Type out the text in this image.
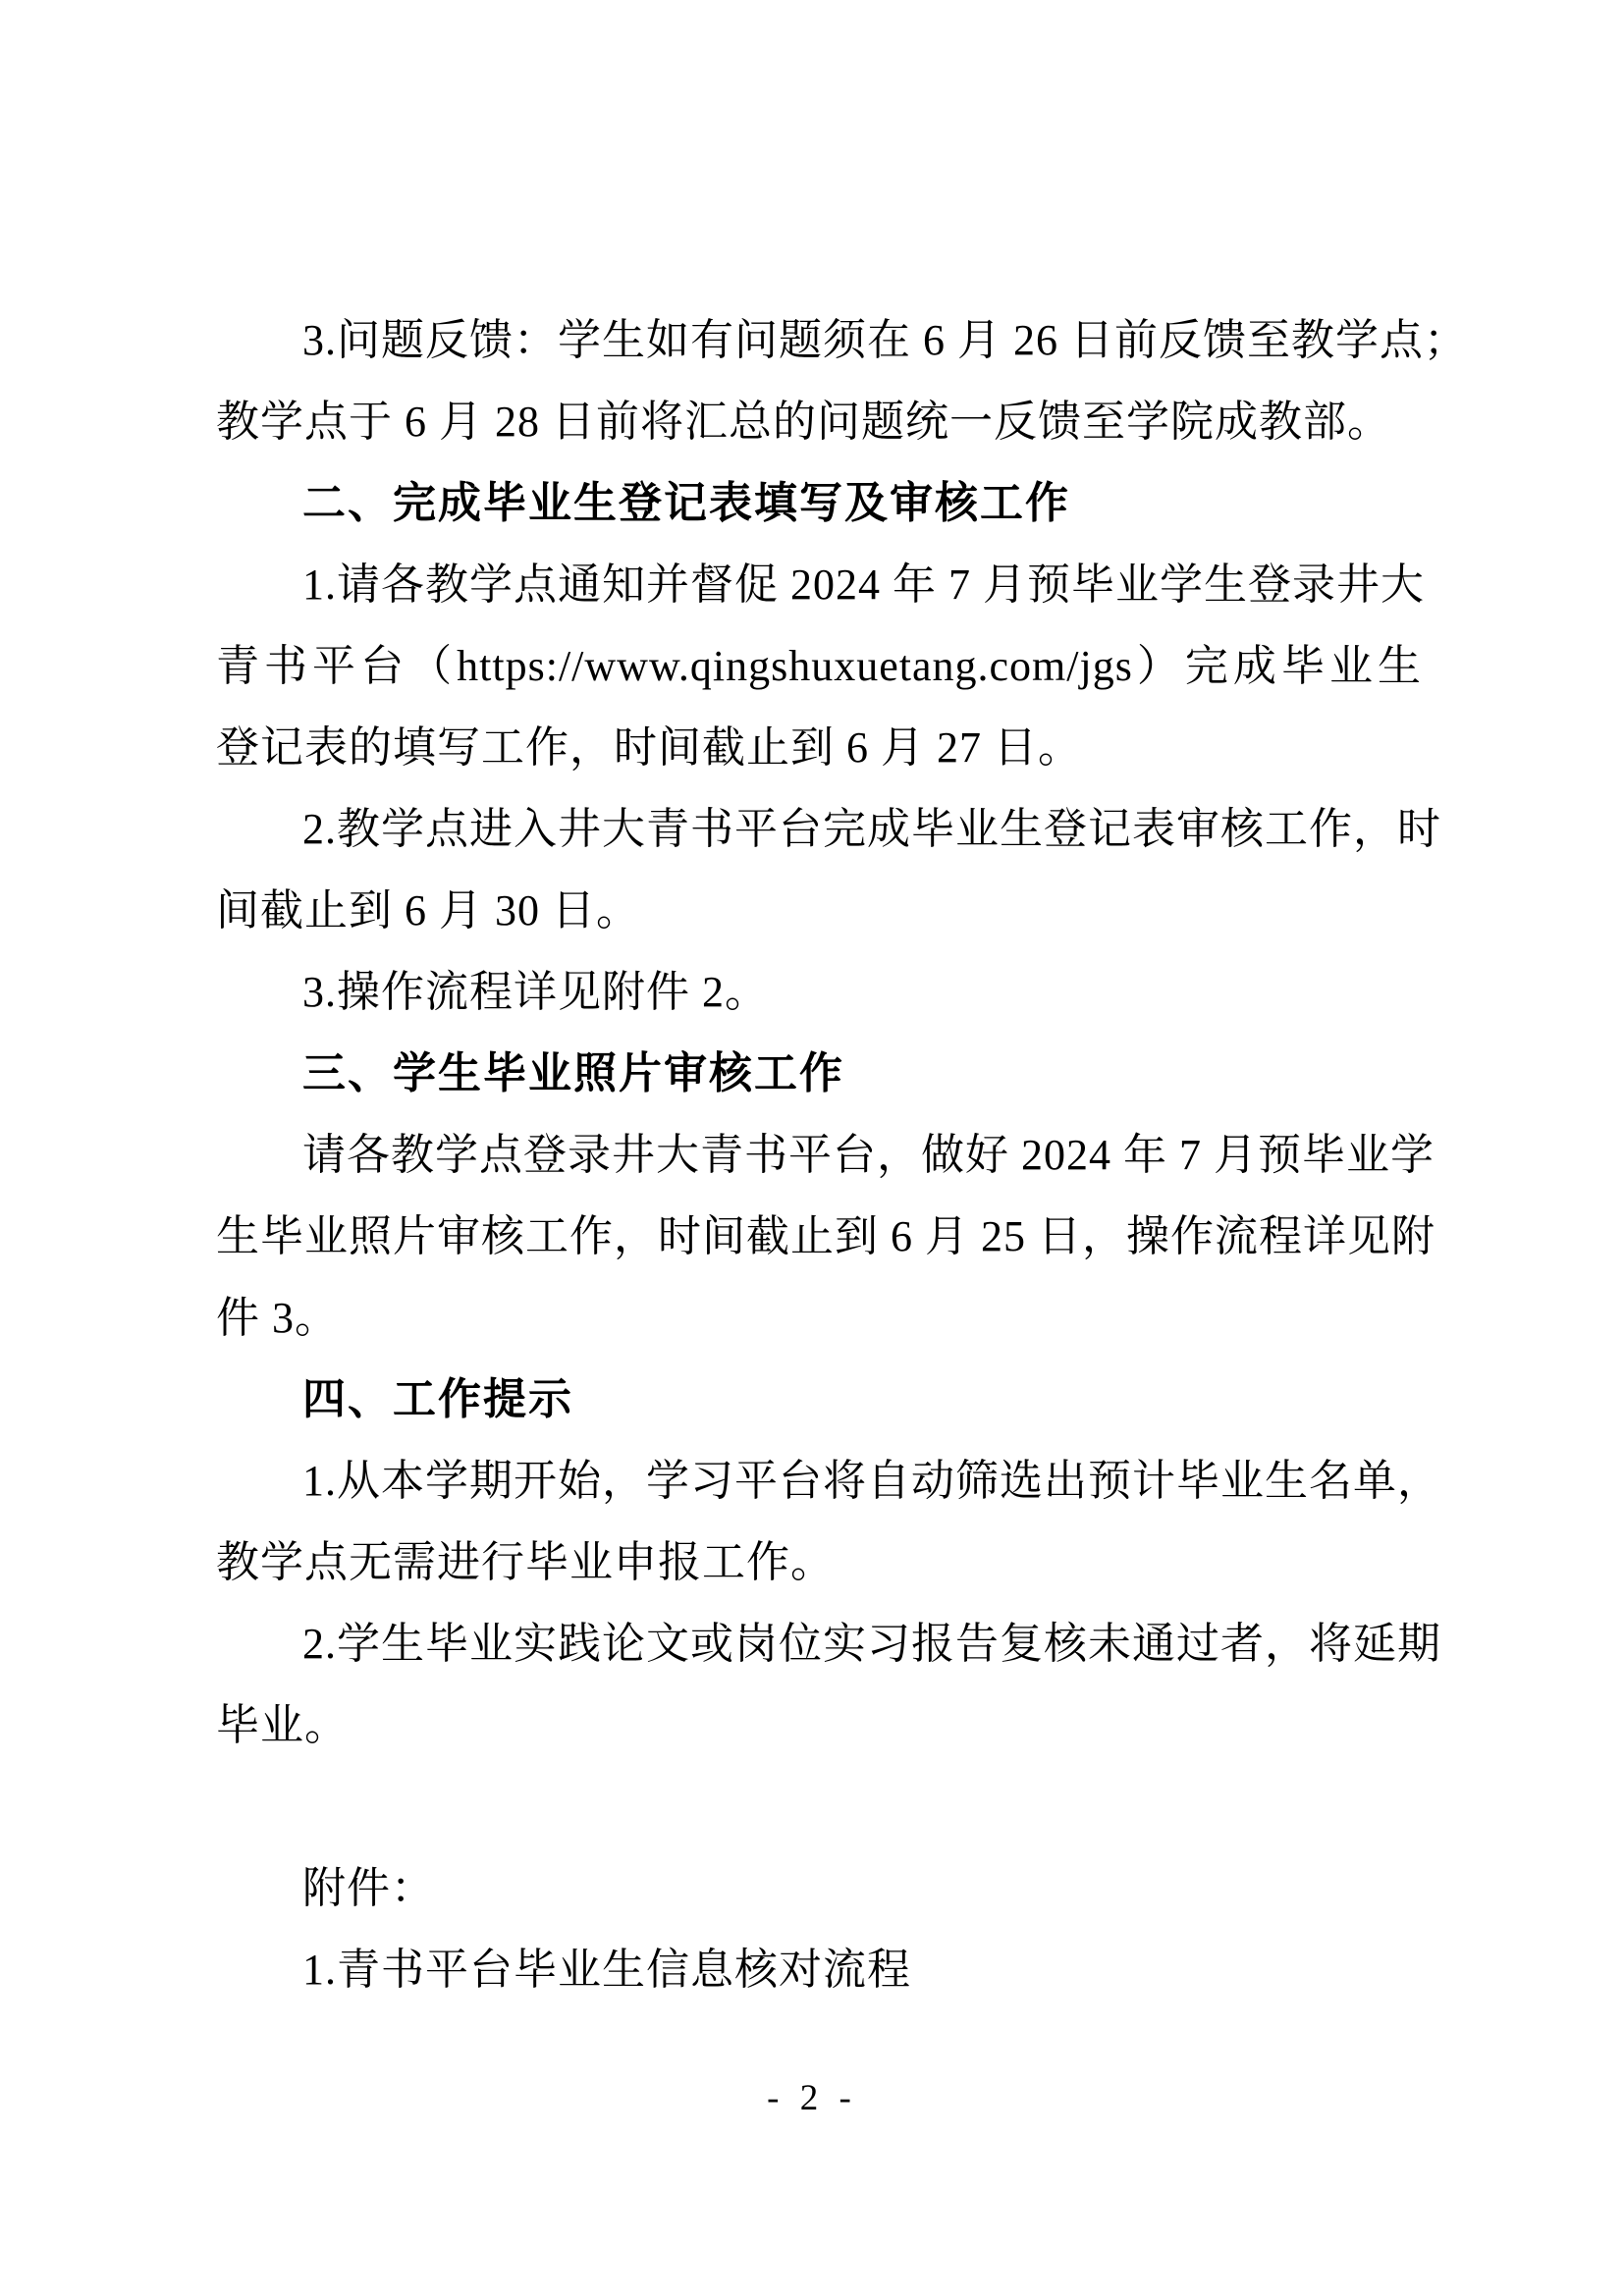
3.问题反馈：学生如有问题须在 6 月 26 日前反馈至教学点；
教学点于 6 月 28 日前将汇总的问题统一反馈至学院成教部。
二、完成毕业生登记表填写及审核工作
1.请各教学点通知并督促 2024 年 7 月预毕业学生登录井大
青书平台（https://www.qingshuxuetang.com/jgs）完成毕业生
登记表的填写工作，时间截止到 6 月 27 日。
2.教学点进入井大青书平台完成毕业生登记表审核工作，时
间截止到 6 月 30 日。
3.操作流程详见附件 2。
三、学生毕业照片审核工作
请各教学点登录井大青书平台，做好 2024 年 7 月预毕业学
生毕业照片审核工作，时间截止到 6 月 25 日，操作流程详见附
件 3。
四、工作提示
1.从本学期开始，学习平台将自动筛选出预计毕业生名单，
教学点无需进行毕业申报工作。
2.学生毕业实践论文或岗位实习报告复核未通过者，将延期
毕业。
附件：
1.青书平台毕业生信息核对流程
- 2 -
